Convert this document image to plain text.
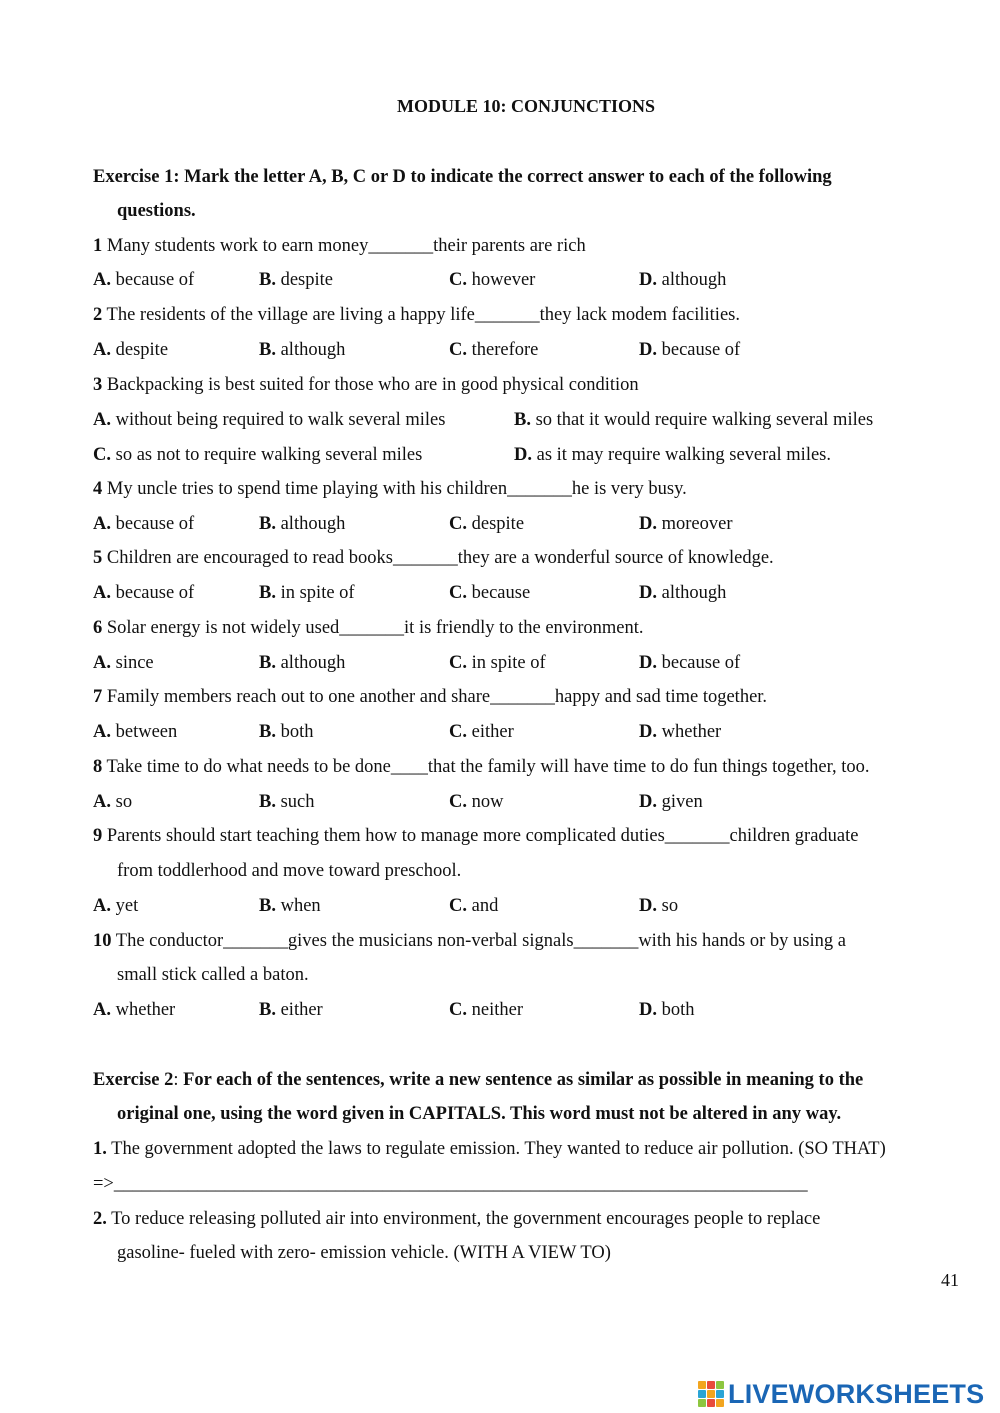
MODULE 10: CONJUNCTIONS
Exercise 1: Mark the letter A, B, C or D to indicate the correct answer to each of the following
questions.
1 Many students work to earn money_______their parents are rich
A. because of	B. despite	C. however	D. although
2 The residents of the village are living a happy life_______they lack modem facilities.
A. despite	B. although	C. therefore	D. because of
3 Backpacking is best suited for those who are in good physical condition
A. without being required to walk several miles	B. so that it would require walking several miles
C. so as not to require walking several miles	D. as it may require walking several miles.
4 My uncle tries to spend time playing with his children_______he is very busy.
A. because of	B. although	C. despite	D. moreover
5 Children are encouraged to read books_______they are a wonderful source of knowledge.
A. because of	B. in spite of	C. because	D. although
6 Solar energy is not widely used_______it is friendly to the environment.
A. since	B. although	C. in spite of	D. because of
7 Family members reach out to one another and share_______happy and sad time together.
A. between	B. both	C. either	D. whether
8 Take time to do what needs to be done____that the family will have time to do fun things together, too.
A. so	B. such	C. now	D. given
9 Parents should start teaching them how to manage more complicated duties_______children graduate
from toddlerhood and move toward preschool.
A. yet	B. when	C. and	D. so
10 The conductor_______gives the musicians non-verbal signals_______with his hands or by using a
small stick called a baton.
A. whether	B. either	C. neither	D. both
Exercise 2: For each of the sentences, write a new sentence as similar as possible in meaning to the
original one, using the word given in CAPITALS. This word must not be altered in any way.
1. The government adopted the laws to regulate emission. They wanted to reduce air pollution. (SO THAT)
=>___________________________________________________________________________
2. To reduce releasing polluted air into environment, the government encourages people to replace
gasoline- fueled with zero- emission vehicle. (WITH A VIEW TO)
41
LIVEWORKSHEETS
